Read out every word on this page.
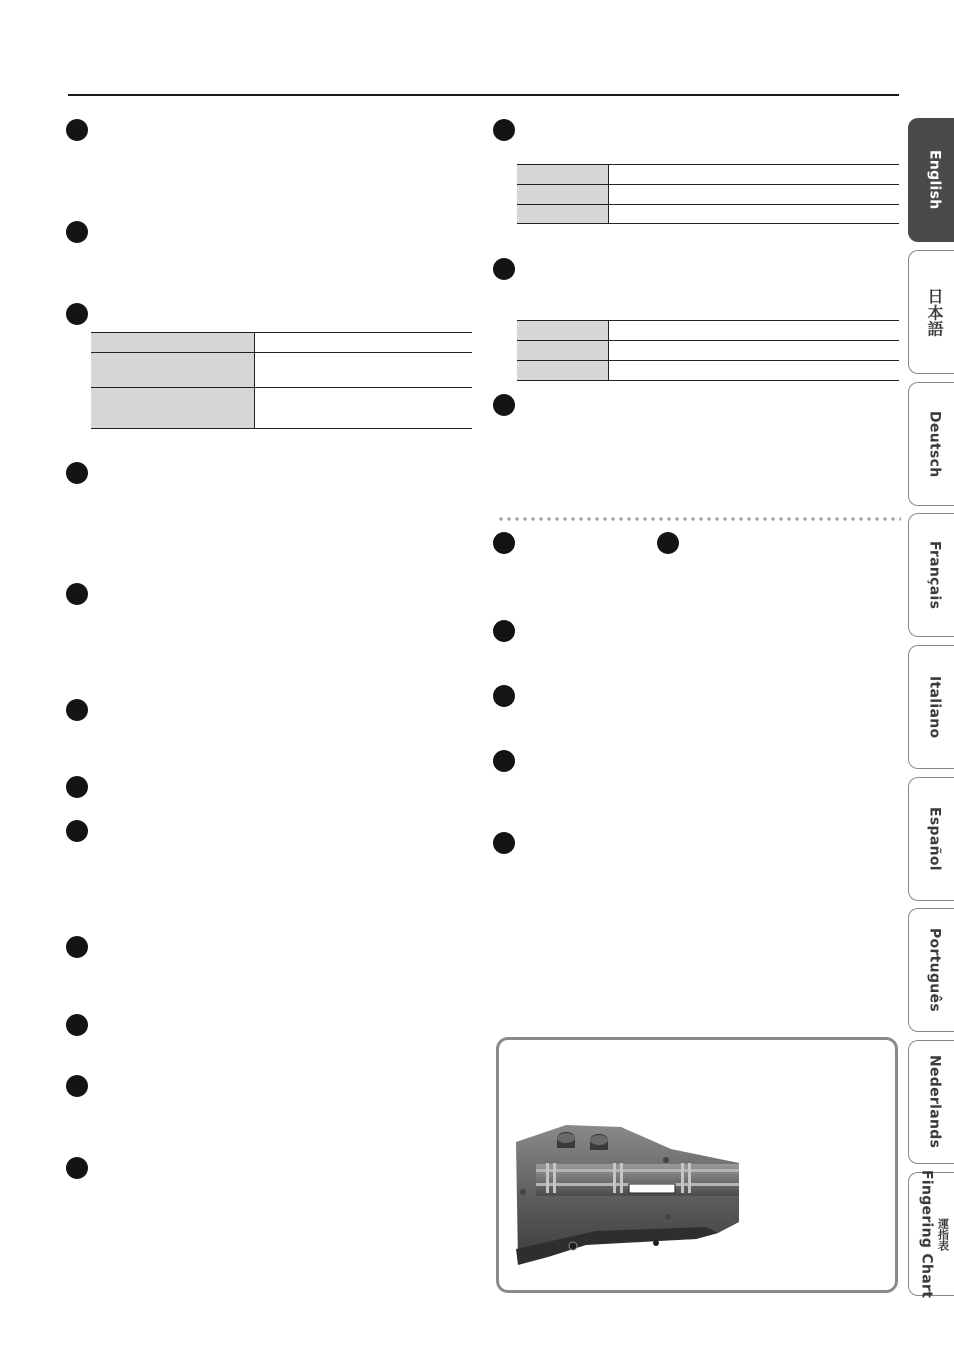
English
日本語
Deutsch
Français
Italiano
Español
Português
Nederlands
Fingering Chart 運指表
